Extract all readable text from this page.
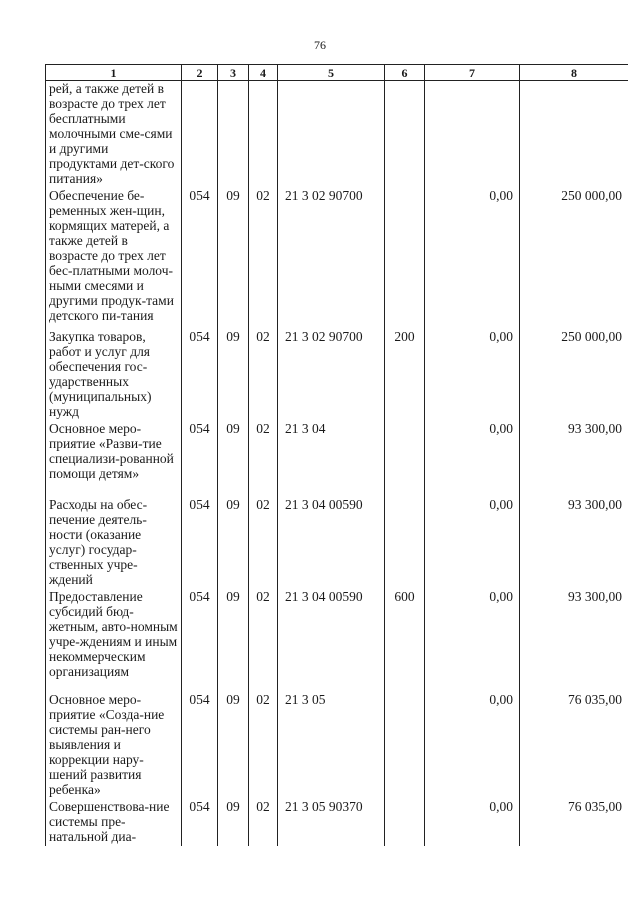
76
1	2	3	4	5	6	7	8
рей, а также детей в возрасте до трех лет бесплатными молочными сме-сями и другими продуктами дет-ского питания»							
Обеспечение бе-ременных жен-щин, кормящих матерей, а также детей в возрасте до трех лет бес-платными молоч-ными смесями и другими продук-тами детского пи-тания	054	09	02	21 3 02 90700		0,00	250 000,00
Закупка товаров, работ и услуг для обеспечения гос-ударственных (муниципальных) нужд	054	09	02	21 3 02 90700	200	0,00	250 000,00
Основное меро-приятие «Разви-тие специализи-рованной помощи детям»	054	09	02	21 3 04		0,00	93 300,00
Расходы на обес-печение деятель-ности (оказание услуг) государ-ственных учре-ждений	054	09	02	21 3 04 00590		0,00	93 300,00
Предоставление субсидий бюд-жетным, авто-номным учре-ждениям и иным некоммерческим организациям	054	09	02	21 3 04 00590	600	0,00	93 300,00
Основное меро-приятие «Созда-ние системы ран-него выявления и коррекции нару-шений развития ребенка»	054	09	02	21 3 05		0,00	76 035,00
Совершенствова-ние системы пре-натальной диа-	054	09	02	21 3 05 90370		0,00	76 035,00
